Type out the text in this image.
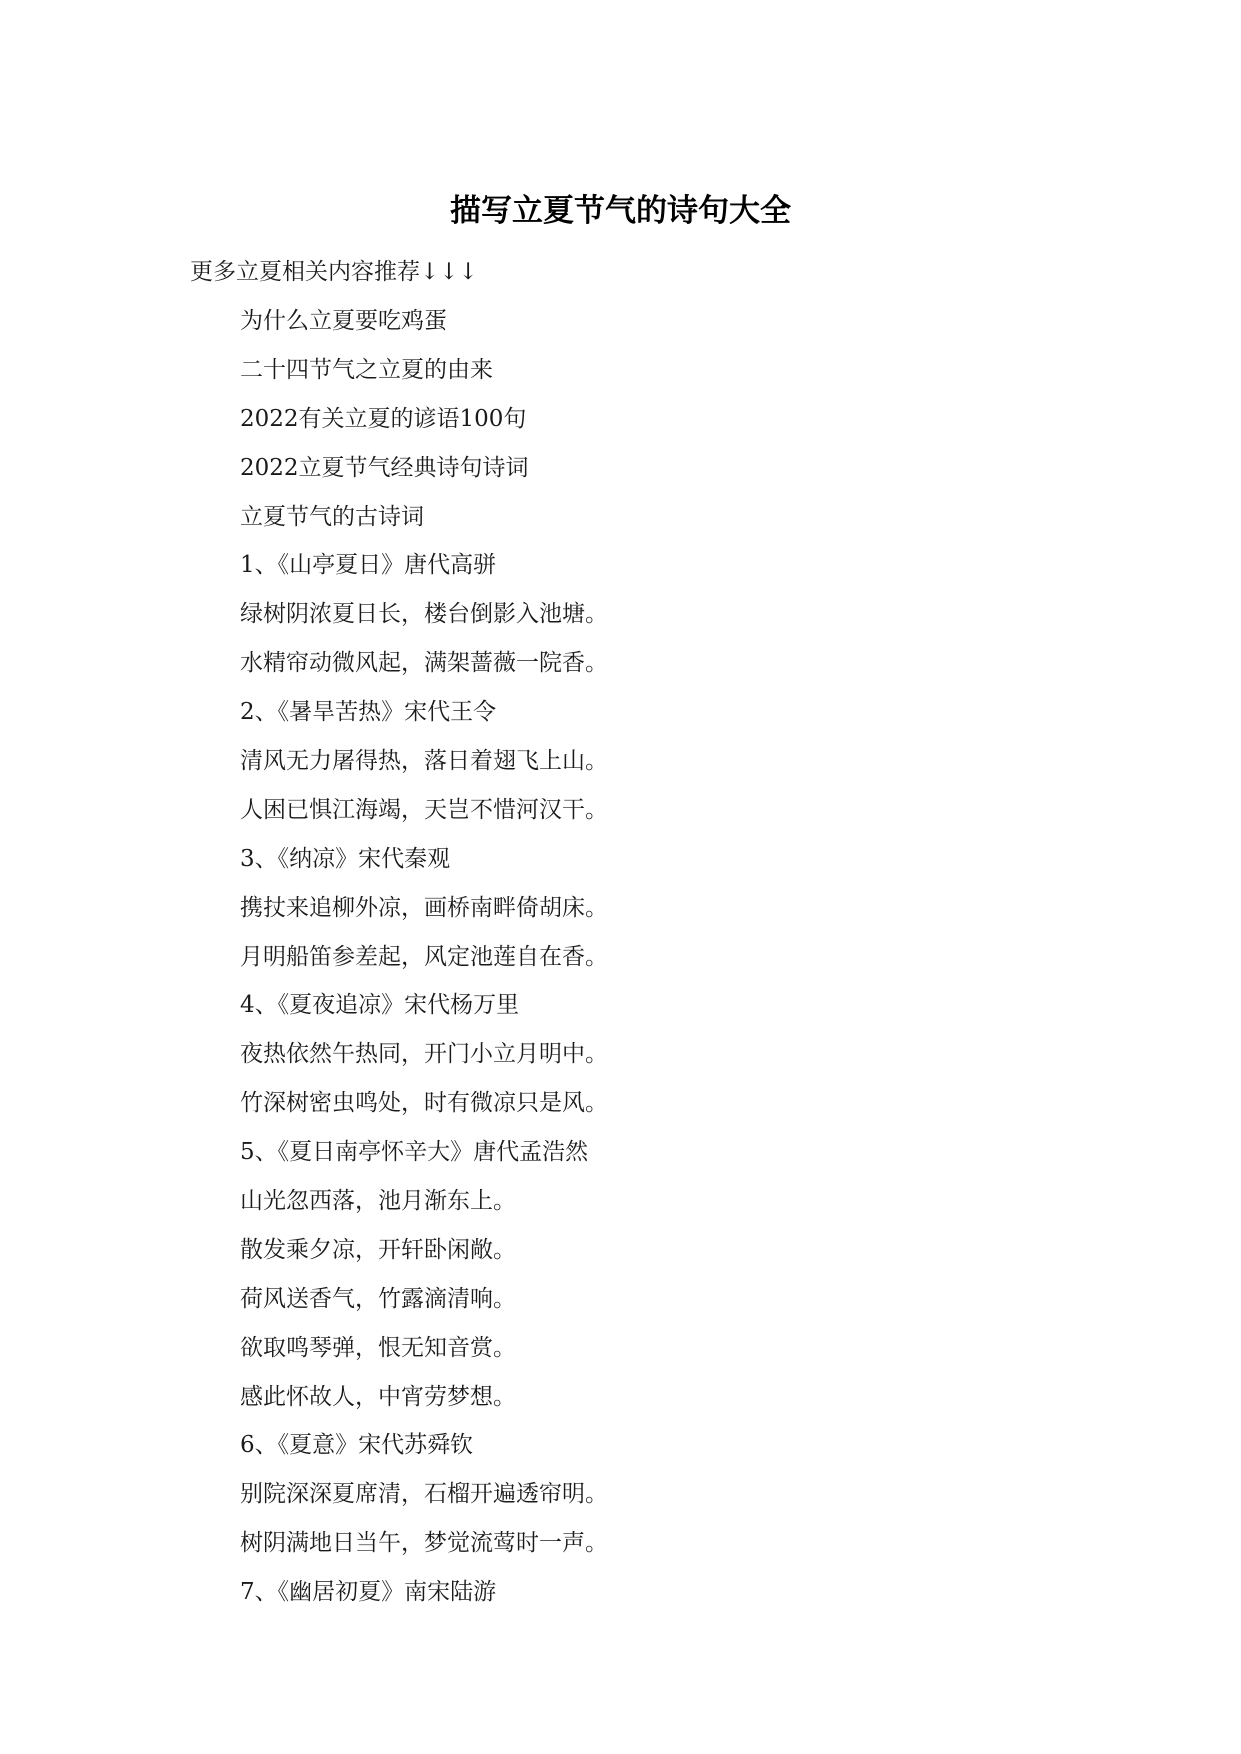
描写立夏节气的诗句大全

更多立夏相关内容推荐↓↓↓

为什么立夏要吃鸡蛋
二十四节气之立夏的由来
2022有关立夏的谚语100句
2022立夏节气经典诗句诗词
立夏节气的古诗词
1、《山亭夏日》唐代高骈
绿树阴浓夏日长，楼台倒影入池塘。
水精帘动微风起，满架蔷薇一院香。
2、《暑旱苦热》宋代王令
清风无力屠得热，落日着翅飞上山。
人困已惧江海竭，天岂不惜河汉干。
3、《纳凉》宋代秦观
携扙来追柳外凉，画桥南畔倚胡床。
月明船笛参差起，风定池莲自在香。
4、《夏夜追凉》宋代杨万里
夜热依然午热同，开门小立月明中。
竹深树密虫鸣处，时有微凉只是风。
5、《夏日南亭怀辛大》唐代孟浩然
山光忽西落，池月渐东上。
散发乘夕凉，开轩卧闲敞。
荷风送香气，竹露滴清响。
欲取鸣琴弹，恨无知音赏。
感此怀故人，中宵劳梦想。
6、《夏意》宋代苏舜钦
别院深深夏席清，石榴开遍透帘明。
树阴满地日当午，梦觉流莺时一声。
7、《幽居初夏》南宋陆游
